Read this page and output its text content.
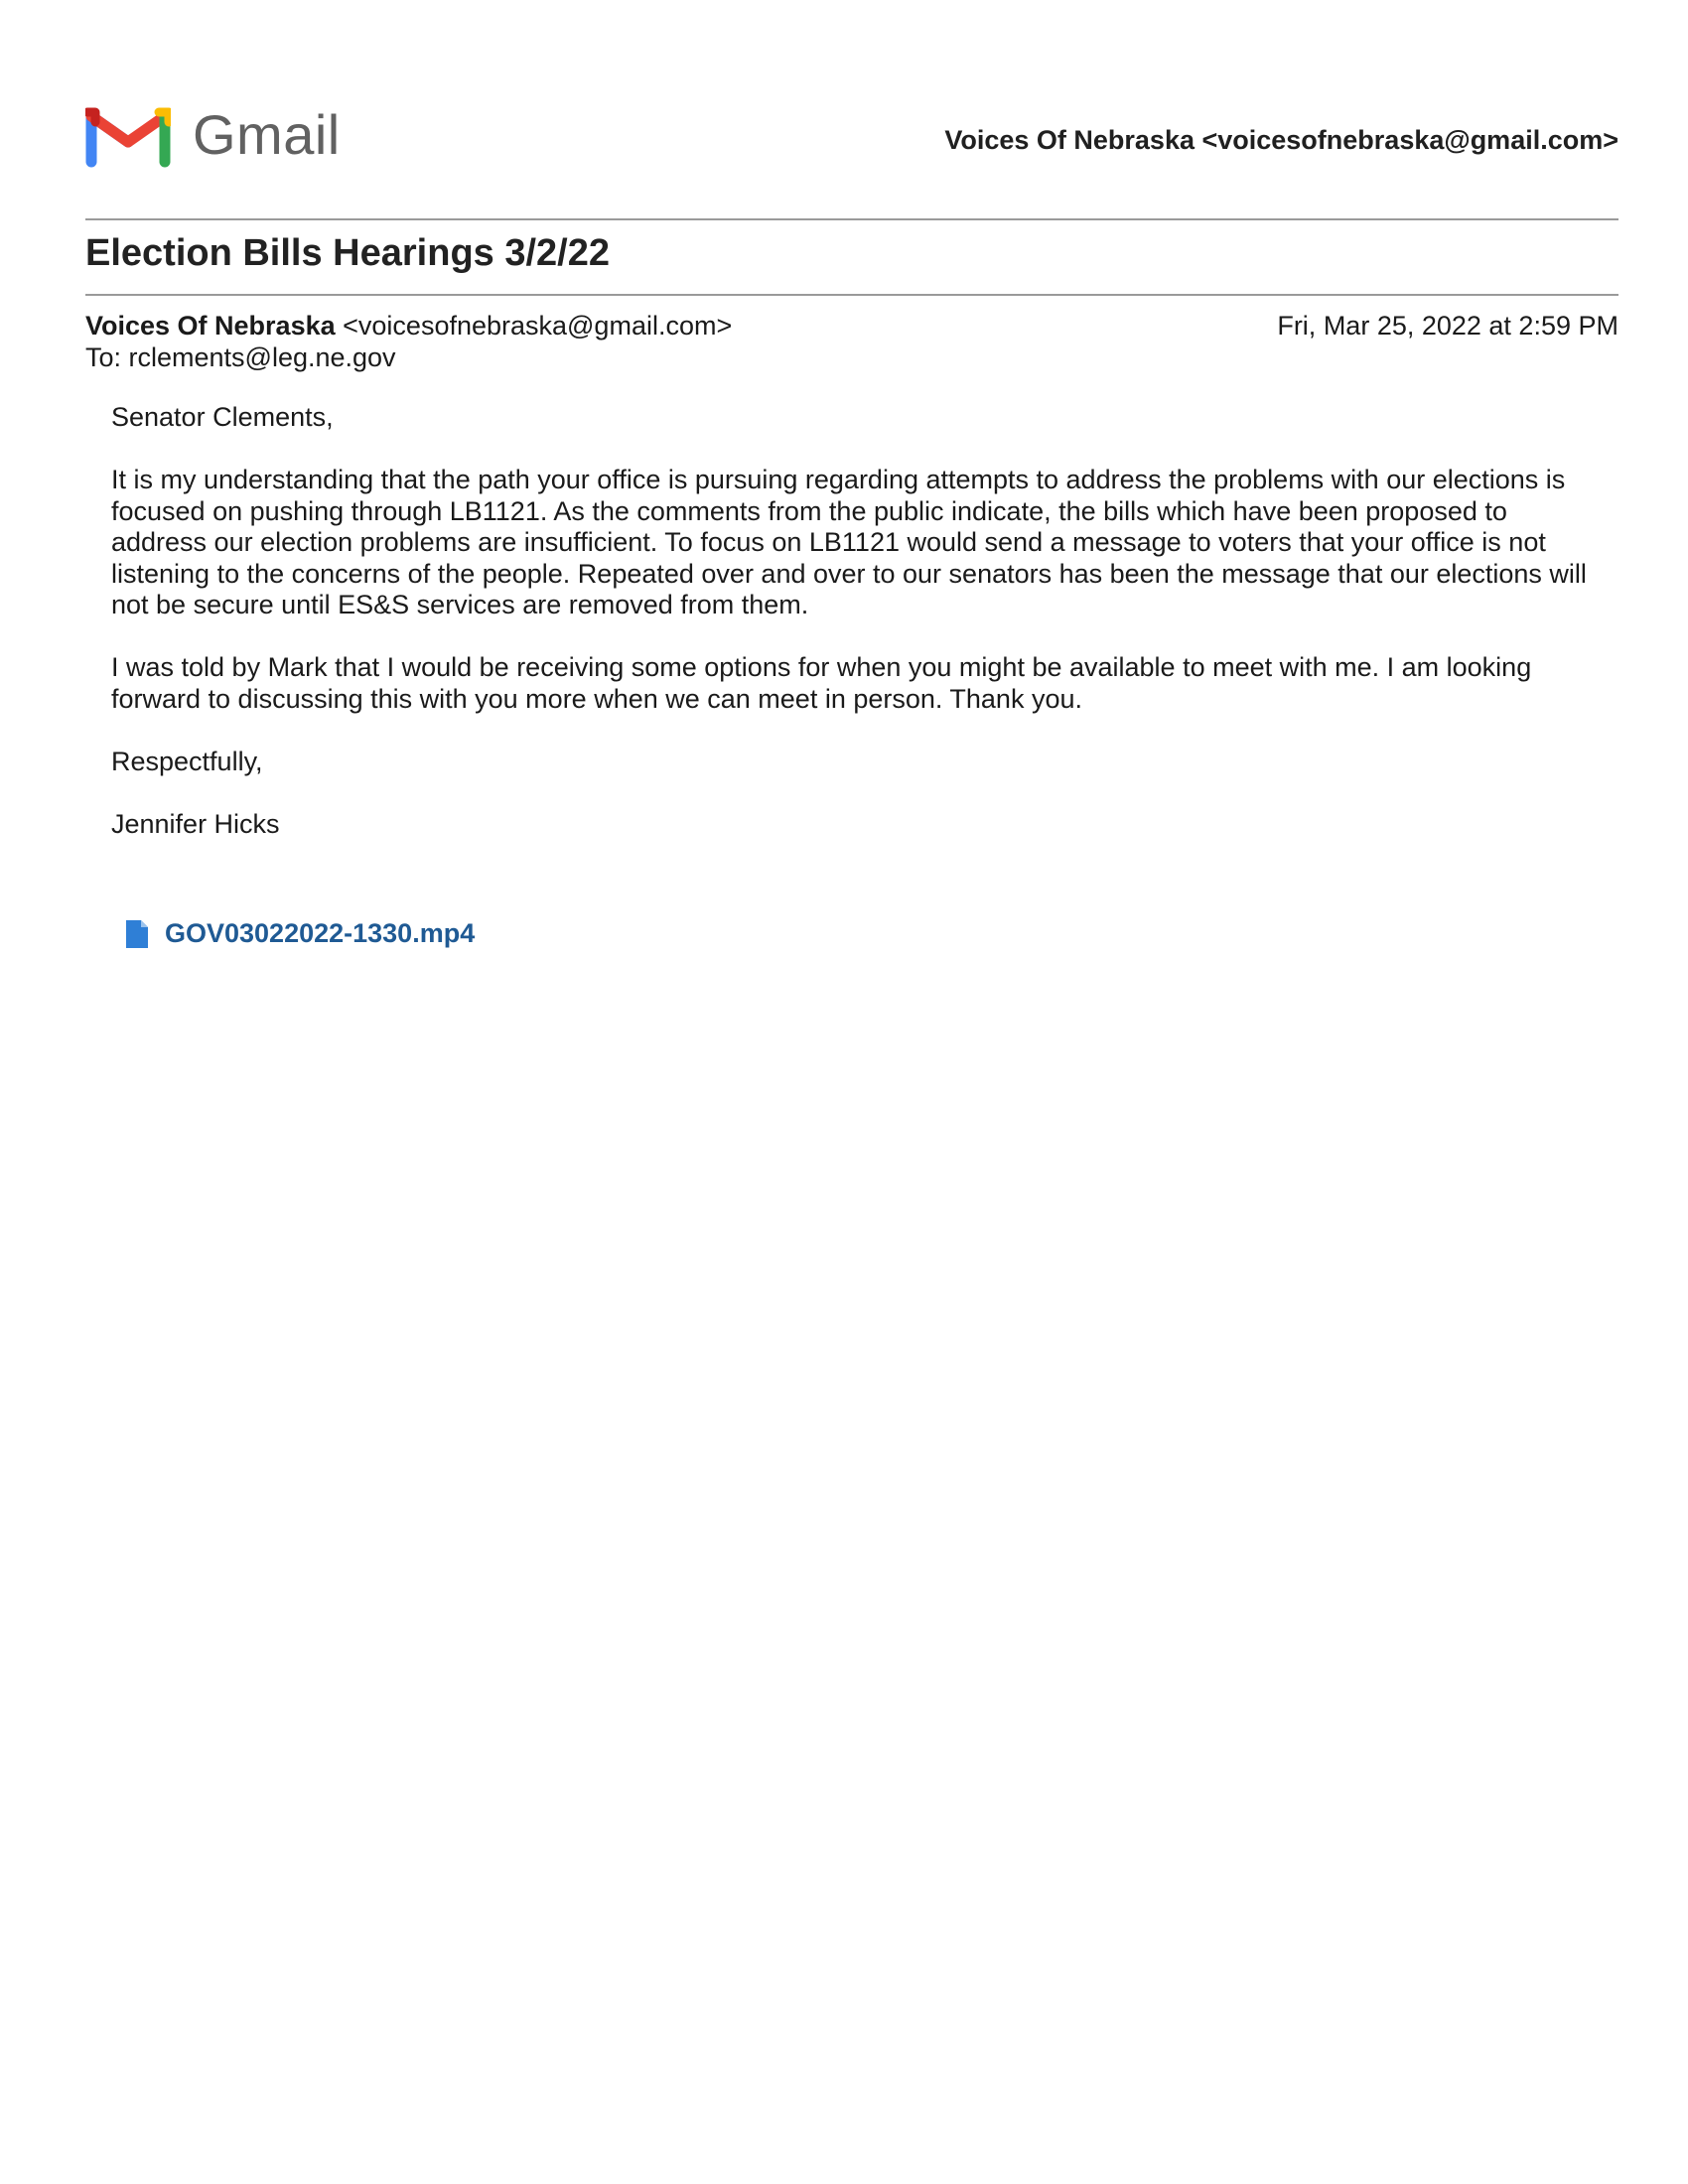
Gmail	Voices Of Nebraska <voicesofnebraska@gmail.com>
Election Bills Hearings 3/2/22
Voices Of Nebraska <voicesofnebraska@gmail.com>
To: rclements@leg.ne.gov
Fri, Mar 25, 2022 at 2:59 PM

Senator Clements,

It is my understanding that the path your office is pursuing regarding attempts to address the problems with our elections is focused on pushing through LB1121. As the comments from the public indicate, the bills which have been proposed to address our election problems are insufficient. To focus on LB1121 would send a message to voters that your office is not listening to the concerns of the people. Repeated over and over to our senators has been the message that our elections will not be secure until ES&S services are removed from them.

I was told by Mark that I would be receiving some options for when you might be available to meet with me. I am looking forward to discussing this with you more when we can meet in person. Thank you.

Respectfully,

Jennifer Hicks

GOV03022022-1330.mp4
